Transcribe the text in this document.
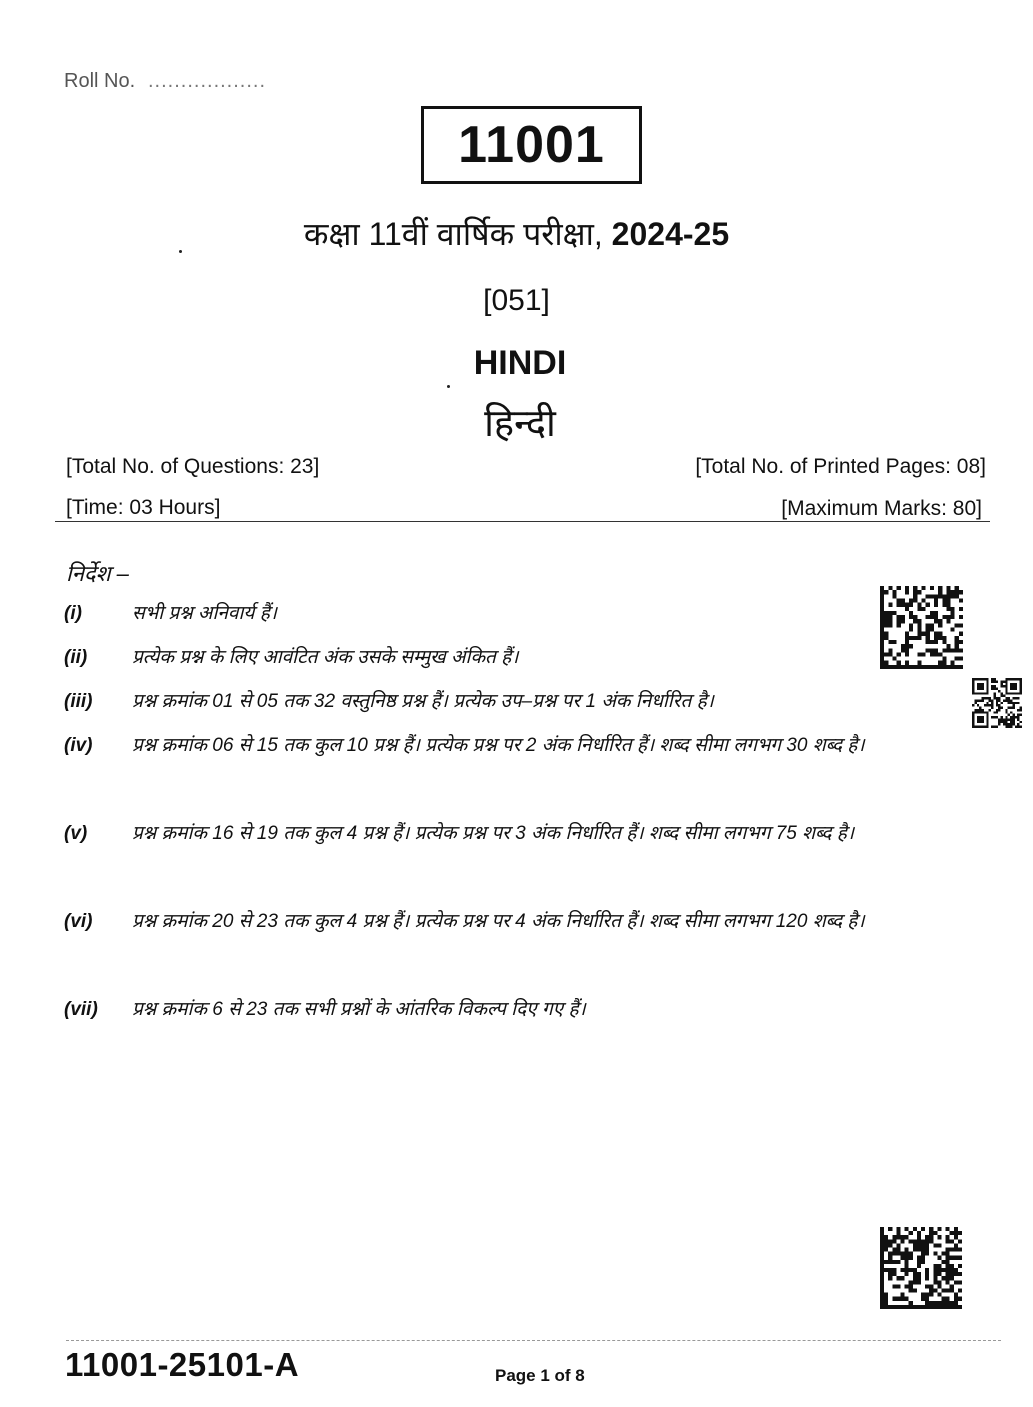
Roll No. ..................
11001
कक्षा 11वीं वार्षिक परीक्षा, 2024-25
[051]
HINDI
हिन्दी
[Total No. of Questions: 23]	[Total No. of Printed Pages: 08]
[Time: 03 Hours]	[Maximum Marks: 80]
निर्देश –
(i)	सभी प्रश्न अनिवार्य हैं।
(ii)	प्रत्येक प्रश्न के लिए आवंटित अंक उसके सम्मुख अंकित हैं।
(iii)	प्रश्न क्रमांक 01 से 05 तक 32 वस्तुनिष्ठ प्रश्न हैं। प्रत्येक उप–प्रश्न पर 1 अंक निर्धारित है।
(iv)	प्रश्न क्रमांक 06 से 15 तक कुल 10 प्रश्न हैं। प्रत्येक प्रश्न पर 2 अंक निर्धारित हैं। शब्द सीमा लगभग 30 शब्द है।
(v)	प्रश्न क्रमांक 16 से 19 तक कुल 4 प्रश्न हैं। प्रत्येक प्रश्न पर 3 अंक निर्धारित हैं। शब्द सीमा लगभग 75 शब्द है।
(vi)	प्रश्न क्रमांक 20 से 23 तक कुल 4 प्रश्न हैं। प्रत्येक प्रश्न पर 4 अंक निर्धारित हैं। शब्द सीमा लगभग 120 शब्द है।
(vii)	प्रश्न क्रमांक 6 से 23 तक सभी प्रश्नों के आंतरिक विकल्प दिए गए हैं।
11001-25101-A	Page 1 of 8
